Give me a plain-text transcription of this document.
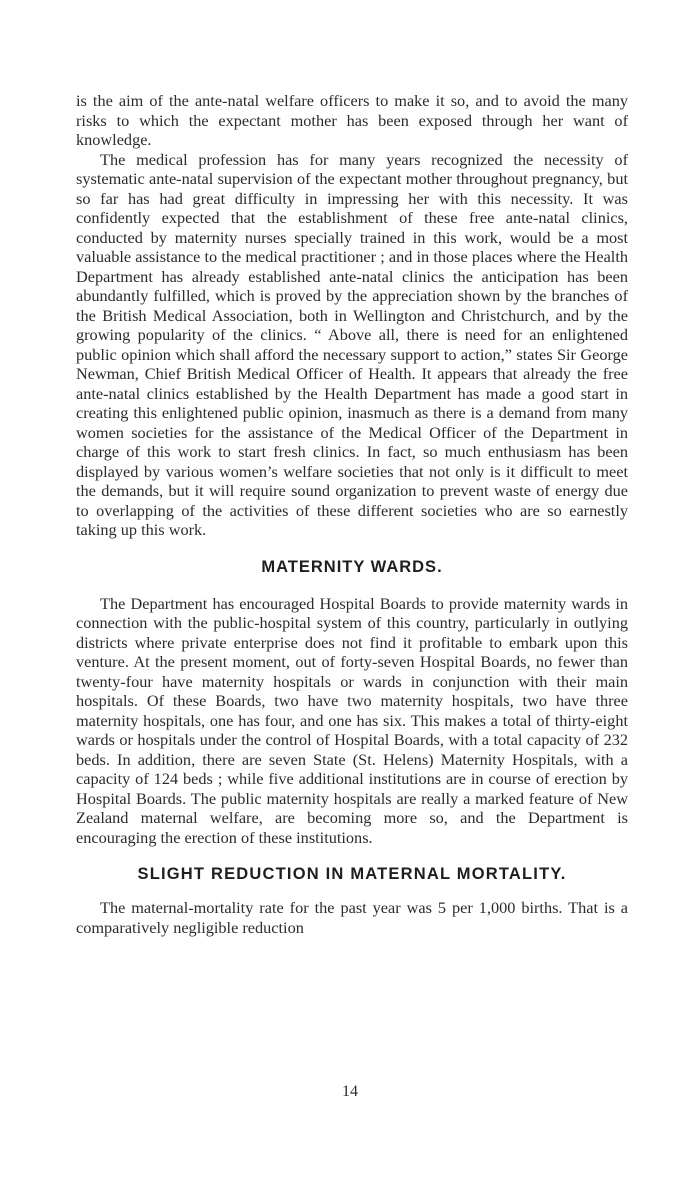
is the aim of the ante-natal welfare officers to make it so, and to avoid the many risks to which the expectant mother has been exposed through her want of knowledge.

The medical profession has for many years recognized the necessity of systematic ante-natal supervision of the expectant mother throughout pregnancy, but so far has had great difficulty in impressing her with this necessity. It was confidently expected that the establishment of these free ante-natal clinics, conducted by maternity nurses specially trained in this work, would be a most valuable assistance to the medical practitioner ; and in those places where the Health Department has already established ante-natal clinics the anticipation has been abundantly fulfilled, which is proved by the appreciation shown by the branches of the British Medical Association, both in Wellington and Christchurch, and by the growing popularity of the clinics. “ Above all, there is need for an enlightened public opinion which shall afford the necessary support to action,” states Sir George Newman, Chief British Medical Officer of Health. It appears that already the free ante-natal clinics established by the Health Department has made a good start in creating this enlightened public opinion, inasmuch as there is a demand from many women societies for the assistance of the Medical Officer of the Department in charge of this work to start fresh clinics. In fact, so much enthusiasm has been displayed by various women’s welfare societies that not only is it difficult to meet the demands, but it will require sound organization to prevent waste of energy due to overlapping of the activities of these different societies who are so earnestly taking up this work.

MATERNITY WARDS.

The Department has encouraged Hospital Boards to provide maternity wards in connection with the public-hospital system of this country, particularly in outlying districts where private enterprise does not find it profitable to embark upon this venture. At the present moment, out of forty-seven Hospital Boards, no fewer than twenty-four have maternity hospitals or wards in conjunction with their main hospitals. Of these Boards, two have two maternity hospitals, two have three maternity hospitals, one has four, and one has six. This makes a total of thirty-eight wards or hospitals under the control of Hospital Boards, with a total capacity of 232 beds. In addition, there are seven State (St. Helens) Maternity Hospitals, with a capacity of 124 beds ; while five additional institutions are in course of erection by Hospital Boards. The public maternity hospitals are really a marked feature of New Zealand maternal welfare, are becoming more so, and the Department is encouraging the erection of these institutions.

SLIGHT REDUCTION IN MATERNAL MORTALITY.

The maternal-mortality rate for the past year was 5 per 1,000 births. That is a comparatively negligible reduction

14
